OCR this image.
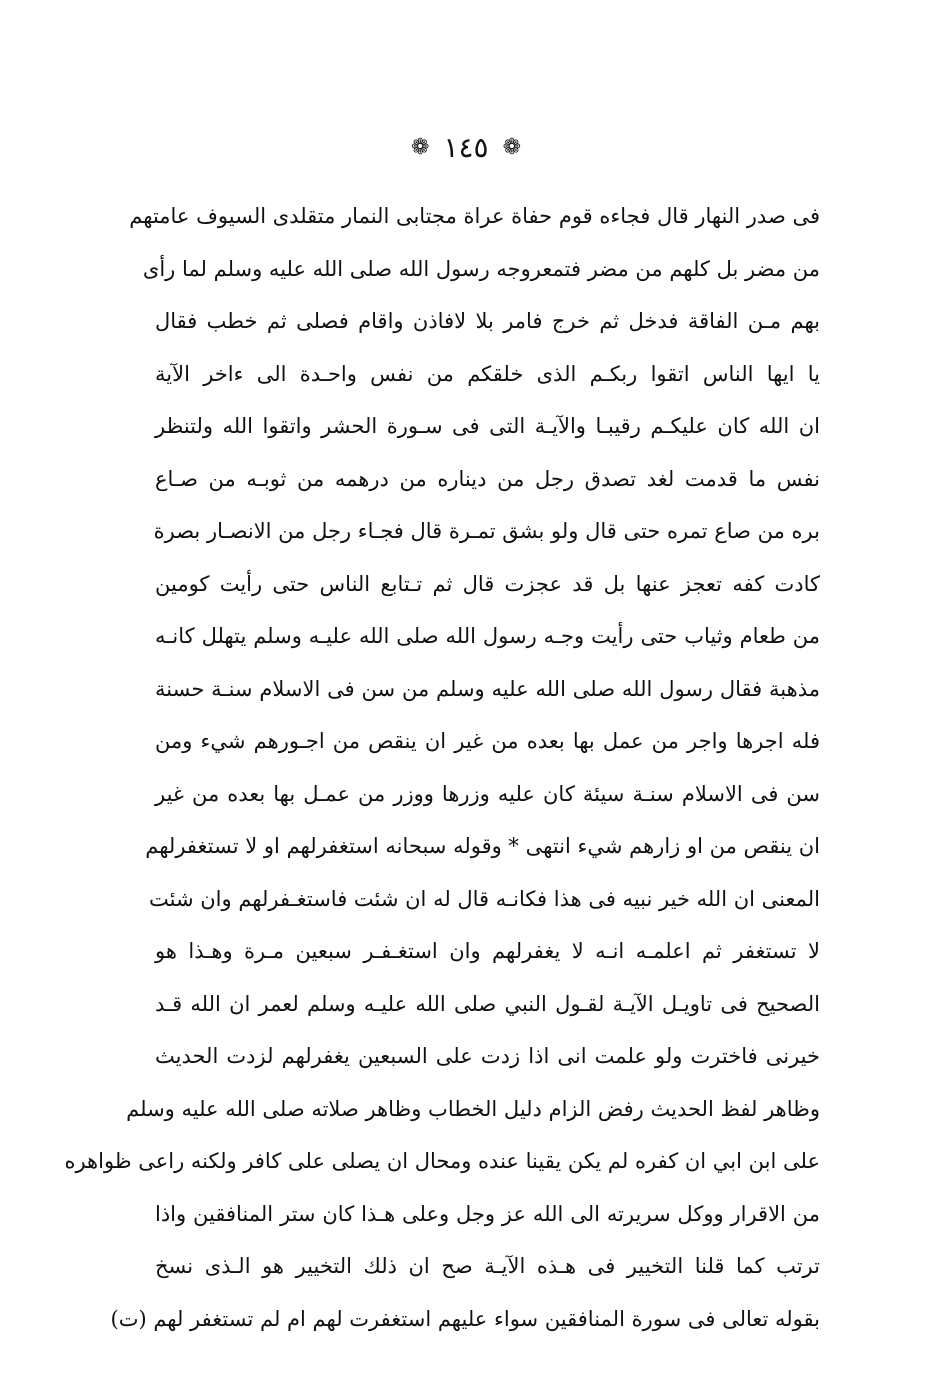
❁ ١٤٥ ❁
فى صدر النهار قال فجاءه قوم حفاة عراة مجتابى النمار متقلدى السيوف عامتهم
من مضر بل كلهم من مضر فتمعروجه رسول الله صلى الله عليه وسلم لما رأى
بهم مـن الفاقة فدخل ثم خرج فامر بلا لافاذن واقام فصلى ثم خطب فقال
يا ايها الناس اتقوا ربكـم الذى خلقكم من نفس واحـدة الى ءاخر الآية
ان الله كان عليكـم رقيبـا والآيـة التى فى سـورة الحشر واتقوا الله ولتنظر
نفس ما قدمت لغد تصدق رجل من ديناره من درهمه من ثوبـه من صـاع
بره من صاع تمره حتى قال ولو بشق تمـرة قال فجـاء رجل من الانصـار بصرة
كادت كفه تعجز عنها بل قد عجزت قال ثم تـتابع الناس حتى رأيت كومين
من طعام وثياب حتى رأيت وجـه رسول الله صلى الله عليـه وسلم يتهلل كانـه
مذهبة فقال رسول الله صلى الله عليه وسلم من سن فى الاسلام سنـة حسنة
فله اجرها واجر من عمل بها بعده من غير ان ينقص من اجـورهم شيء ومن
سن فى الاسلام سنـة سيئة كان عليه وزرها ووزر من عمـل بها بعده من غير
ان ينقص من او زارهم شيء انتهى * وقوله سبحانه استغفرلهم او لا تستغفرلهم
المعنى ان الله خير نبيه فى هذا فكانـه قال له ان شئت فاستغـفرلهم وان شئت
لا تستغفر ثم اعلمـه انـه لا يغفرلهم وان استغـفـر سبعين مـرة وهـذا هو
الصحيح فى تاويـل الآيـة لقـول النبي صلى الله عليـه وسلم لعمر ان الله قـد
خيرنى فاخترت ولو علمت انى اذا زدت على السبعين يغفرلهم لزدت الحديث
وظاهر لفظ الحديث رفض الزام دليل الخطاب وظاهر صلاته صلى الله عليه وسلم
على ابن ابي ان كفره لم يكن يقينا عنده ومحال ان يصلى على كافر ولكنه راعى ظواهره
من الاقرار ووكل سريرته الى الله عز وجل وعلى هـذا كان ستر المنافقين واذا
ترتب كما قلنا التخيير فى هـذه الآيـة صح ان ذلك التخيير هو الـذى نسخ
بقوله تعالى فى سورة المنافقين سواء عليهم استغفرت لهم ام لم تستغفر لهم (ت)
